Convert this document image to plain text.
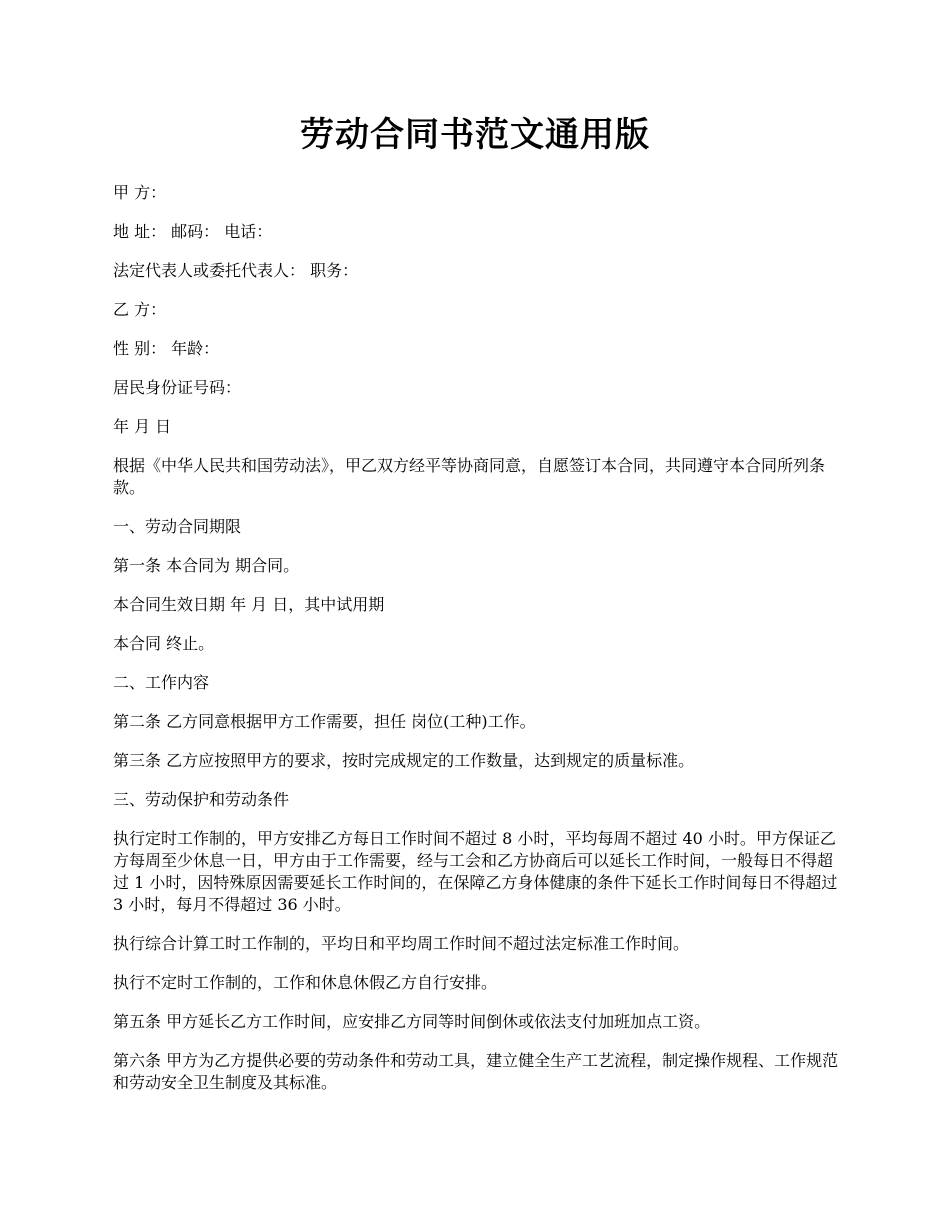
劳动合同书范文通用版

甲 方：

地 址： 邮码： 电话：

法定代表人或委托代表人： 职务：

乙 方：

性 别： 年龄：

居民身份证号码：

年 月 日

根据《中华人民共和国劳动法》，甲乙双方经平等协商同意，自愿签订本合同，共同遵守本合同所列条款。

一、劳动合同期限

第一条 本合同为 期合同。

本合同生效日期 年 月 日，其中试用期

本合同 终止。

二、工作内容

第二条 乙方同意根据甲方工作需要，担任 岗位(工种)工作。

第三条 乙方应按照甲方的要求，按时完成规定的工作数量，达到规定的质量标准。

三、劳动保护和劳动条件

执行定时工作制的，甲方安排乙方每日工作时间不超过 8 小时，平均每周不超过 40 小时。甲方保证乙方每周至少休息一日，甲方由于工作需要，经与工会和乙方协商后可以延长工作时间，一般每日不得超过 1 小时，因特殊原因需要延长工作时间的，在保障乙方身体健康的条件下延长工作时间每日不得超过 3 小时，每月不得超过 36 小时。

执行综合计算工时工作制的，平均日和平均周工作时间不超过法定标准工作时间。

执行不定时工作制的，工作和休息休假乙方自行安排。

第五条 甲方延长乙方工作时间，应安排乙方同等时间倒休或依法支付加班加点工资。

第六条 甲方为乙方提供必要的劳动条件和劳动工具，建立健全生产工艺流程，制定操作规程、工作规范和劳动安全卫生制度及其标准。
